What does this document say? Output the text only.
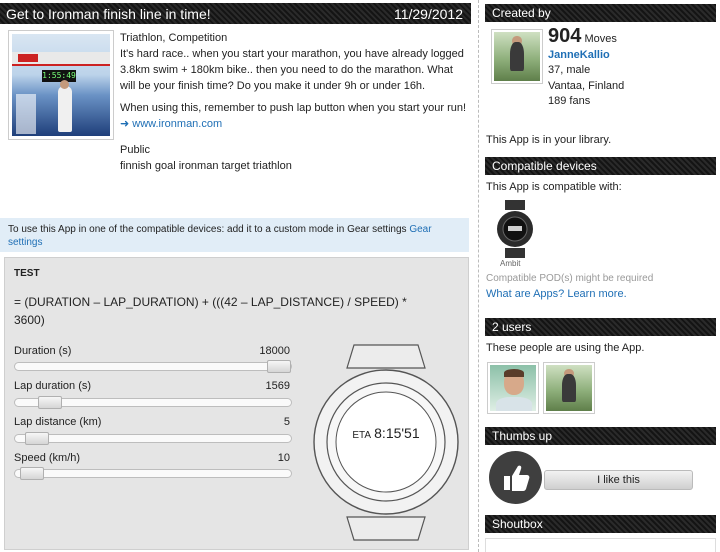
Get to Ironman finish line in time!	11/29/2012
1:55:49

Triathlon, Competition

It's hard race.. when you start your marathon, you have already logged 3.8km swim + 180km bike.. then you need to do the marathon. What will be your finish time? Do you make it under 9h or under 16h.

When using this, remember to push lap button when you start your run!

➜ www.ironman.com

Public

finnish goal ironman target triathlon

To use this App in one of the compatible devices: add it to a custom mode in Gear settings Gear settings
TEST
= (DURATION – LAP_DURATION) + (((42 – LAP_DISTANCE) / SPEED) * 3600)
Duration (s)	18000
Lap duration (s)	1569
Lap distance (km)	5
Speed (km/h)	10
ETA 8:15'51
Created by
904 Moves
JanneKallio
37, male
Vantaa, Finland
189 fans
This App is in your library.
Compatible devices
This App is compatible with:
Ambit
Compatible POD(s) might be required
What are Apps? Learn more.
2 users
These people are using the App.
Thumbs up
I like this
Shoutbox
